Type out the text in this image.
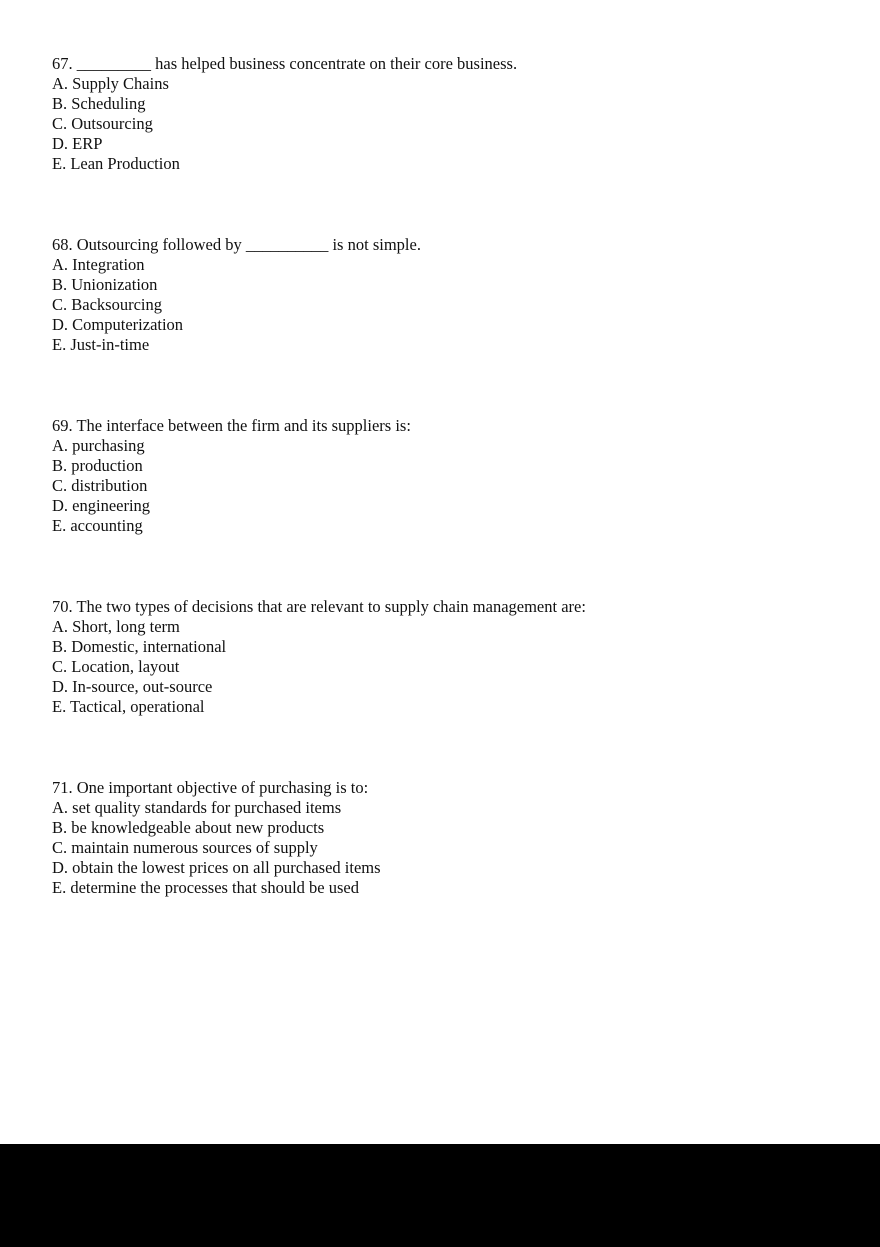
67. _________ has helped business concentrate on their core business.
A. Supply Chains
B. Scheduling
C. Outsourcing
D. ERP
E. Lean Production
68. Outsourcing followed by __________ is not simple.
A. Integration
B. Unionization
C. Backsourcing
D. Computerization
E. Just-in-time
69. The interface between the firm and its suppliers is:
A. purchasing
B. production
C. distribution
D. engineering
E. accounting
70. The two types of decisions that are relevant to supply chain management are:
A. Short, long term
B. Domestic, international
C. Location, layout
D. In-source, out-source
E. Tactical, operational
71. One important objective of purchasing is to:
A. set quality standards for purchased items
B. be knowledgeable about new products
C. maintain numerous sources of supply
D. obtain the lowest prices on all purchased items
E. determine the processes that should be used
